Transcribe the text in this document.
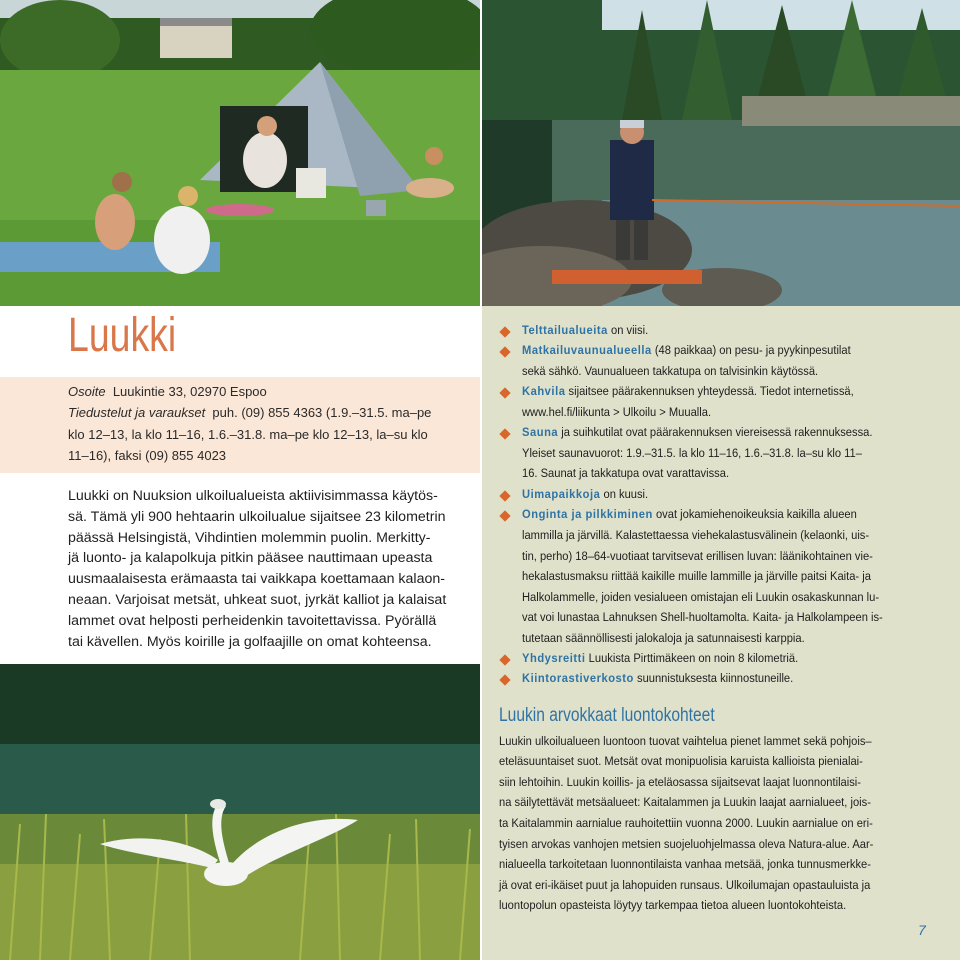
Luukki
Osoite Luukintie 33, 02970 Espoo
Tiedustelut ja varaukset puh. (09) 855 4363 (1.9.–31.5. ma–pe
klo 12–13, la klo 11–16, 1.6.–31.8. ma–pe klo 12–13, la–su klo
11–16), faksi (09) 855 4023
Luukki on Nuuksion ulkoilualueista aktiivisimmassa käytös-
sä. Tämä yli 900 hehtaarin ulkoilualue sijaitsee 23 kilometrin
päässä Helsingistä, Vihdintien molemmin puolin. Merkitty-
jä luonto- ja kalapolkuja pitkin pääsee nauttimaan upeasta
uusmaalaisesta erämaasta tai vaikkapa koettamaan kalaon-
neaan. Varjoisat metsät, uhkeat suot, jyrkät kalliot ja kalaisat
lammet ovat helposti perheidenkin tavoitettavissa. Pyörällä
tai kävellen. Myös koirille ja golfaajille on omat kohteensa.
Telttailualueita on viisi.
Matkailuvaunualueella (48 paikkaa) on pesu- ja pyykinpesutilat
sekä sähkö. Vaunualueen takkatupa on talvisinkin käytössä.
Kahvila sijaitsee päärakennuksen yhteydessä. Tiedot internetissä,
www.hel.fi/liikunta > Ulkoilu > Muualla.
Sauna ja suihkutilat ovat päärakennuksen viereisessä rakennuksessa.
Yleiset saunavuorot: 1.9.–31.5. la klo 11–16, 1.6.–31.8. la–su klo 11–
16. Saunat ja takkatupa ovat varattavissa.
Uimapaikkoja on kuusi.
Onginta ja pilkkiminen ovat jokamiehenoikeuksia kaikilla alueen
lammilla ja järvillä. Kalastettaessa viehekalastusvälinein (kelaonki, uis-
tin, perho) 18–64-vuotiaat tarvitsevat erillisen luvan: läänikohtainen vie-
hekalastusmaksu riittää kaikille muille lammille ja järville paitsi Kaita- ja
Halkolammelle, joiden vesialueen omistajan eli Luukin osakaskunnan lu-
vat voi lunastaa Lahnuksen Shell-huoltamolta. Kaita- ja Halkolampeen is-
tutetaan säännöllisesti jalokaloja ja satunnaisesti karppia.
Yhdysreitti Luukista Pirttimäkeen on noin 8 kilometriä.
Kiintorastiverkosto suunnistuksesta kiinnostuneille.
Luukin arvokkaat luontokohteet
Luukin ulkoilualueen luontoon tuovat vaihtelua pienet lammet sekä pohjois–
eteläsuuntaiset suot. Metsät ovat monipuolisia karuista kallioista pienialai-
siin lehtoihin. Luukin koillis- ja eteläosassa sijaitsevat laajat luonnontilaisi-
na säilytettävät metsäalueet: Kaitalammen ja Luukin laajat aarnialueet, jois-
ta Kaitalammin aarnialue rauhoitettiin vuonna 2000. Luukin aarnialue on eri-
tyisen arvokas vanhojen metsien suojeluohjelmassa oleva Natura-alue. Aar-
nialueella tarkoitetaan luonnontilaista vanhaa metsää, jonka tunnusmerkke-
jä ovat eri-ikäiset puut ja lahopuiden runsaus. Ulkoilumajan opastauluista ja
luontopolun opasteista löytyy tarkempaa tietoa alueen luontokohteista.
7
